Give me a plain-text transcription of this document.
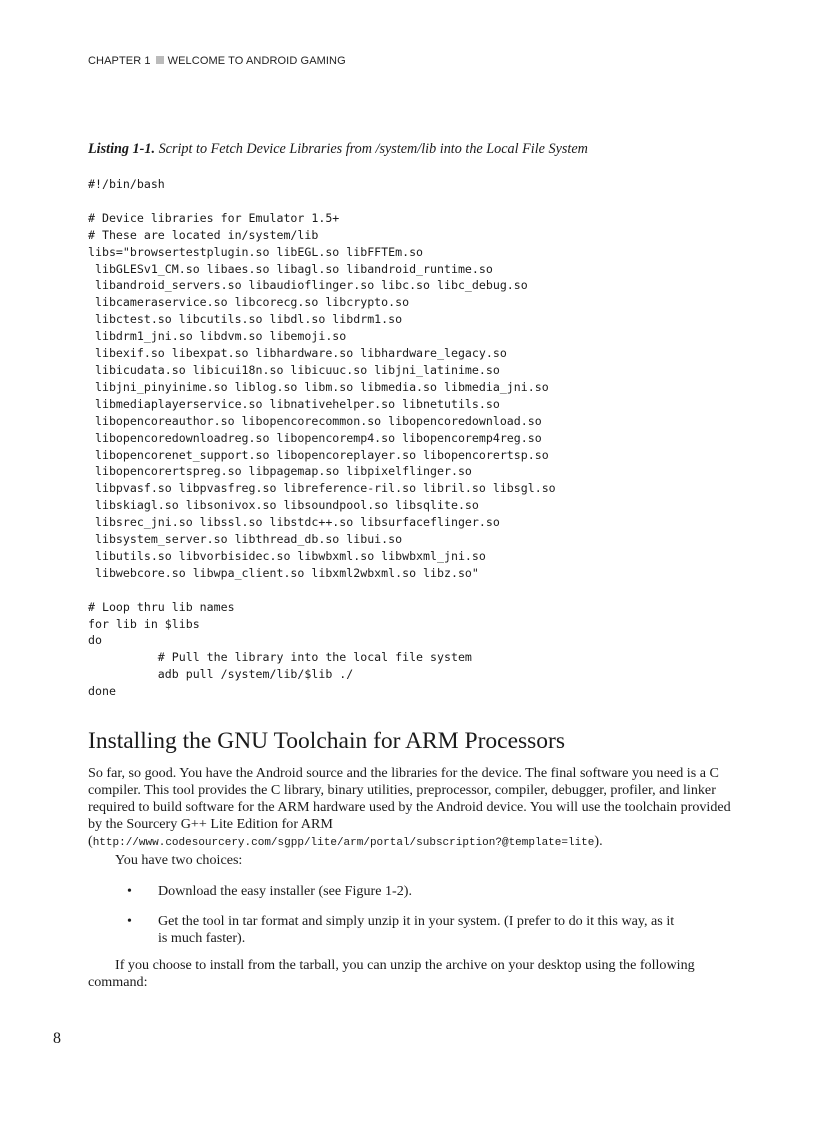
CHAPTER 1 WELCOME TO ANDROID GAMING
Listing 1-1. Script to Fetch Device Libraries from /system/lib into the Local File System
#!/bin/bash

# Device libraries for Emulator 1.5+
# These are located in/system/lib
libs="browsertestplugin.so libEGL.so libFFTEm.so
libGLESv1_CM.so libaes.so libagl.so libandroid_runtime.so
libandroid_servers.so libaudioflinger.so libc.so libc_debug.so
libcameraservice.so libcorecg.so libcrypto.so
libctest.so libcutils.so libdl.so libdrm1.so
libdrm1_jni.so libdvm.so libemoji.so
libexif.so libexpat.so libhardware.so libhardware_legacy.so
libicudata.so libicui18n.so libicuuc.so libjni_latinime.so
libjni_pinyinime.so liblog.so libm.so libmedia.so libmedia_jni.so
libmediaplayerservice.so libnativehelper.so libnetutils.so
libopencoreauthor.so libopencorecommon.so libopencoredownload.so
libopencoredownloadreg.so libopencoremp4.so libopencoremp4reg.so
libopencorenet_support.so libopencoreplayer.so libopencorertsp.so
libopencorertspreg.so libpagemap.so libpixelflinger.so
libpvasf.so libpvasfreg.so libreference-ril.so libril.so libsgl.so
libskiagl.so libsonivox.so libsoundpool.so libsqlite.so
libsrec_jni.so libssl.so libstdc++.so libsurfaceflinger.so
libsystem_server.so libthread_db.so libui.so
libutils.so libvorbisidec.so libwbxml.so libwbxml_jni.so
libwebcore.so libwpa_client.so libxml2wbxml.so libz.so"

# Loop thru lib names
for lib in $libs
do
# Pull the library into the local file system
adb pull /system/lib/$lib ./
done
Installing the GNU Toolchain for ARM Processors

So far, so good. You have the Android source and the libraries for the device. The final software you need is a C compiler. This tool provides the C library, binary utilities, preprocessor, compiler, debugger, profiler, and linker required to build software for the ARM hardware used by the Android device. You will use the toolchain provided by the Sourcery G++ Lite Edition for ARM (http://www.codesourcery.com/sgpp/lite/arm/portal/subscription?@template=lite).

You have two choices:

• Download the easy installer (see Figure 1-2).
• Get the tool in tar format and simply unzip it in your system. (I prefer to do it this way, as it is much faster).

If you choose to install from the tarball, you can unzip the archive on your desktop using the following command:

8
